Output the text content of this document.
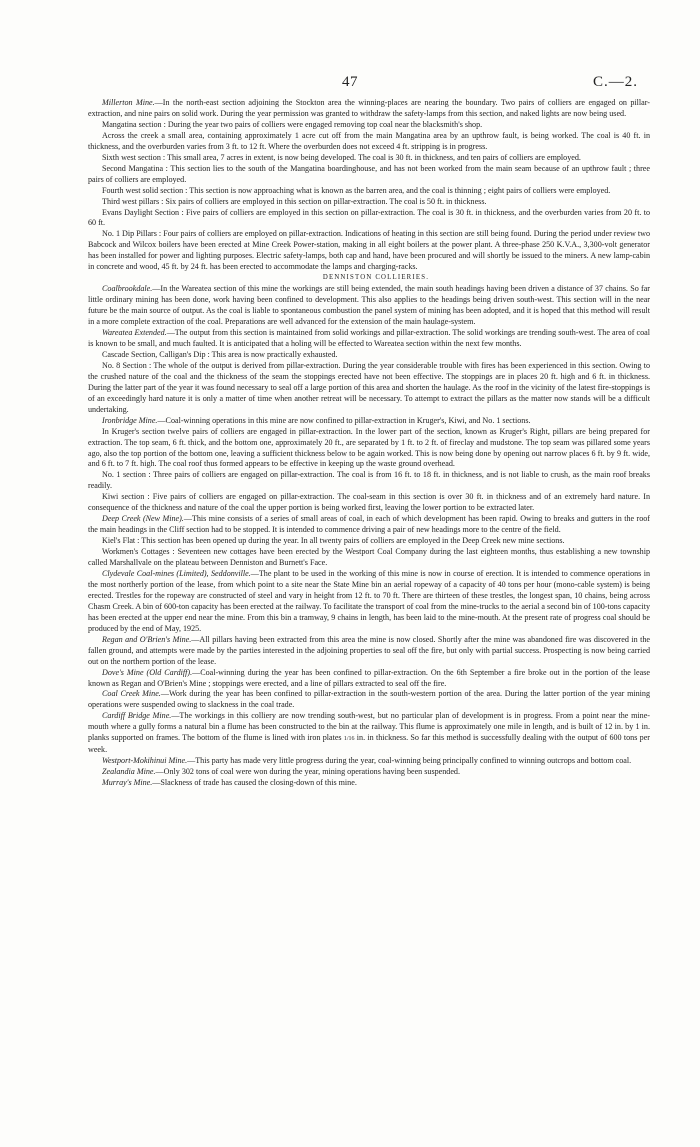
47	C.—2.

Millerton Mine.—In the north-east section adjoining the Stockton area the winning-places are nearing the boundary. Two pairs of colliers are engaged on pillar-extraction, and nine pairs on solid work. During the year permission was granted to withdraw the safety-lamps from this section, and naked lights are now being used.

Mangatina section : During the year two pairs of colliers were engaged removing top coal near the blacksmith's shop.

Across the creek a small area, containing approximately 1 acre cut off from the main Mangatina area by an upthrow fault, is being worked. The coal is 40 ft. in thickness, and the overburden varies from 3 ft. to 12 ft. Where the overburden does not exceed 4 ft. stripping is in progress.

Sixth west section : This small area, 7 acres in extent, is now being developed. The coal is 30 ft. in thickness, and ten pairs of colliers are employed.

Second Mangatina : This section lies to the south of the Mangatina boardinghouse, and has not been worked from the main seam because of an upthrow fault ; three pairs of colliers are employed.

Fourth west solid section : This section is now approaching what is known as the barren area, and the coal is thinning ; eight pairs of colliers were employed.

Third west pillars : Six pairs of colliers are employed in this section on pillar-extraction. The coal is 50 ft. in thickness.

Evans Daylight Section : Five pairs of colliers are employed in this section on pillar-extraction. The coal is 30 ft. in thickness, and the overburden varies from 20 ft. to 60 ft.

No. 1 Dip Pillars : Four pairs of colliers are employed on pillar-extraction. Indications of heating in this section are still being found. During the period under review two Babcock and Wilcox boilers have been erected at Mine Creek Power-station, making in all eight boilers at the power plant. A three-phase 250 K.V.A., 3,300-volt generator has been installed for power and lighting purposes. Electric safety-lamps, both cap and hand, have been procured and will shortly be issued to the miners. A new lamp-cabin in concrete and wood, 45 ft. by 24 ft. has been erected to accommodate the lamps and charging-racks.

DENNISTON COLLIERIES.

Coalbrookdale.—In the Wareatea section of this mine the workings are still being extended, the main south headings having been driven a distance of 37 chains. So far little ordinary mining has been done, work having been confined to development. This also applies to the headings being driven south-west. This section will in the near future be the main source of output. As the coal is liable to spontaneous combustion the panel system of mining has been adopted, and it is hoped that this method will result in a more complete extraction of the coal. Preparations are well advanced for the extension of the main haulage-system.

Wareatea Extended.—The output from this section is maintained from solid workings and pillar-extraction. The solid workings are trending south-west. The area of coal is known to be small, and much faulted. It is anticipated that a holing will be effected to Wareatea section within the next few months.

Cascade Section, Calligan's Dip : This area is now practically exhausted.

No. 8 Section : The whole of the output is derived from pillar-extraction. During the year considerable trouble with fires has been experienced in this section. Owing to the crushed nature of the coal and the thickness of the seam the stoppings erected have not been effective. The stoppings are in places 20 ft. high and 6 ft. in thickness. During the latter part of the year it was found necessary to seal off a large portion of this area and shorten the haulage. As the roof in the vicinity of the latest fire-stoppings is of an exceedingly hard nature it is only a matter of time when another retreat will be necessary. To attempt to extract the pillars as the matter now stands will be a difficult undertaking.

Ironbridge Mine.—Coal-winning operations in this mine are now confined to pillar-extraction in Kruger's, Kiwi, and No. 1 sections.

In Kruger's section twelve pairs of colliers are engaged in pillar-extraction. In the lower part of the section, known as Kruger's Right, pillars are being prepared for extraction. The top seam, 6 ft. thick, and the bottom one, approximately 20 ft., are separated by 1 ft. to 2 ft. of fireclay and mudstone. The top seam was pillared some years ago, also the top portion of the bottom one, leaving a sufficient thickness below to be again worked. This is now being done by opening out narrow places 6 ft. by 9 ft. wide, and 6 ft. to 7 ft. high. The coal roof thus formed appears to be effective in keeping up the waste ground overhead.

No. 1 section : Three pairs of colliers are engaged on pillar-extraction. The coal is from 16 ft. to 18 ft. in thickness, and is not liable to crush, as the main roof breaks readily.

Kiwi section : Five pairs of colliers are engaged on pillar-extraction. The coal-seam in this section is over 30 ft. in thickness and of an extremely hard nature. In consequence of the thickness and nature of the coal the upper portion is being worked first, leaving the lower portion to be extracted later.

Deep Creek (New Mine).—This mine consists of a series of small areas of coal, in each of which development has been rapid. Owing to breaks and gutters in the roof the main headings in the Cliff section had to be stopped. It is intended to commence driving a pair of new headings more to the centre of the field.

Kiel's Flat : This section has been opened up during the year. In all twenty pairs of colliers are employed in the Deep Creek new mine sections.

Workmen's Cottages : Seventeen new cottages have been erected by the Westport Coal Company during the last eighteen months, thus establishing a new township called Marshallvale on the plateau between Denniston and Burnett's Face.

Clydevale Coal-mines (Limited), Seddonville.—The plant to be used in the working of this mine is now in course of erection. It is intended to commence operations in the most northerly portion of the lease, from which point to a site near the State Mine bin an aerial ropeway of a capacity of 40 tons per hour (mono-cable system) is being erected. Trestles for the ropeway are constructed of steel and vary in height from 12 ft. to 70 ft. There are thirteen of these trestles, the longest span, 10 chains, being across Chasm Creek. A bin of 600-ton capacity has been erected at the railway. To facilitate the transport of coal from the mine-trucks to the aerial a second bin of 100-tons capacity has been erected at the upper end near the mine. From this bin a tramway, 9 chains in length, has been laid to the mine-mouth. At the present rate of progress coal should be produced by the end of May, 1925.

Regan and O'Brien's Mine.—All pillars having been extracted from this area the mine is now closed. Shortly after the mine was abandoned fire was discovered in the fallen ground, and attempts were made by the parties interested in the adjoining properties to seal off the fire, but only with partial success. Prospecting is now being carried out on the northern portion of the lease.

Dove's Mine (Old Cardiff).—Coal-winning during the year has been confined to pillar-extraction. On the 6th September a fire broke out in the portion of the lease known as Regan and O'Brien's Mine ; stoppings were erected, and a line of pillars extracted to seal off the fire.

Coal Creek Mine.—Work during the year has been confined to pillar-extraction in the south-western portion of the area. During the latter portion of the year mining operations were suspended owing to slackness in the coal trade.

Cardiff Bridge Mine.—The workings in this colliery are now trending south-west, but no particular plan of development is in progress. From a point near the mine-mouth where a gully forms a natural bin a flume has been constructed to the bin at the railway. This flume is approximately one mile in length, and is built of 12 in. by 1 in. planks supported on frames. The bottom of the flume is lined with iron plates 1/16 in. in thickness. So far this method is successfully dealing with the output of 600 tons per week.

Westport-Mokihinui Mine.—This party has made very little progress during the year, coal-winning being principally confined to winning outcrops and bottom coal.

Zealandia Mine.—Only 302 tons of coal were won during the year, mining operations having been suspended.

Murray's Mine.—Slackness of trade has caused the closing-down of this mine.
